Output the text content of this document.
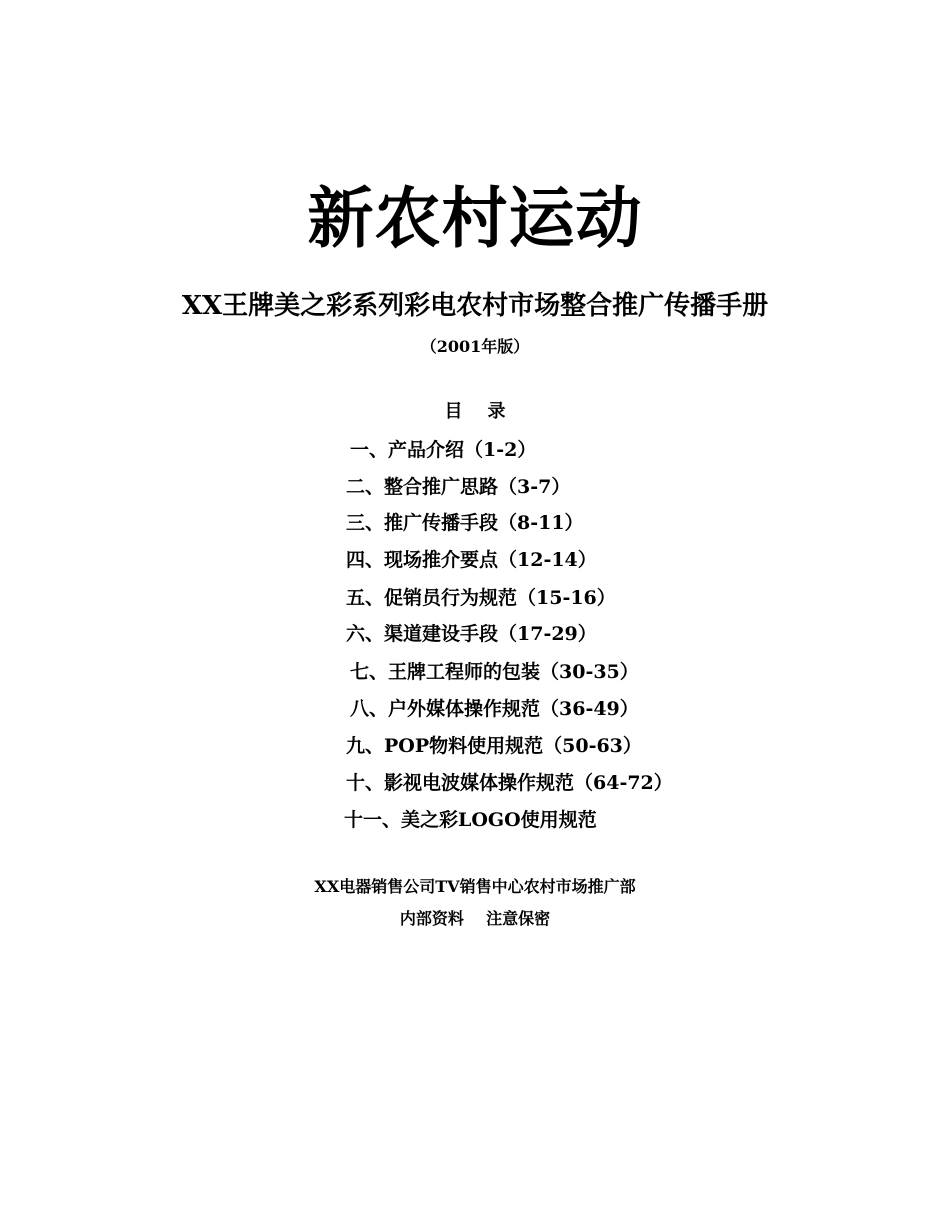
新农村运动
XX王牌美之彩系列彩电农村市场整合推广传播手册
（2001年版）
目    录
一、产品介绍（1-2）
二、整合推广思路（3-7）
三、推广传播手段（8-11）
四、现场推介要点（12-14）
五、促销员行为规范（15-16）
六、渠道建设手段（17-29）
七、王牌工程师的包装（30-35）
八、户外媒体操作规范（36-49）
九、POP物料使用规范（50-63）
十、影视电波媒体操作规范（64-72）
十一、美之彩LOGO使用规范
XX电器销售公司TV销售中心农村市场推广部
内部资料    注意保密
